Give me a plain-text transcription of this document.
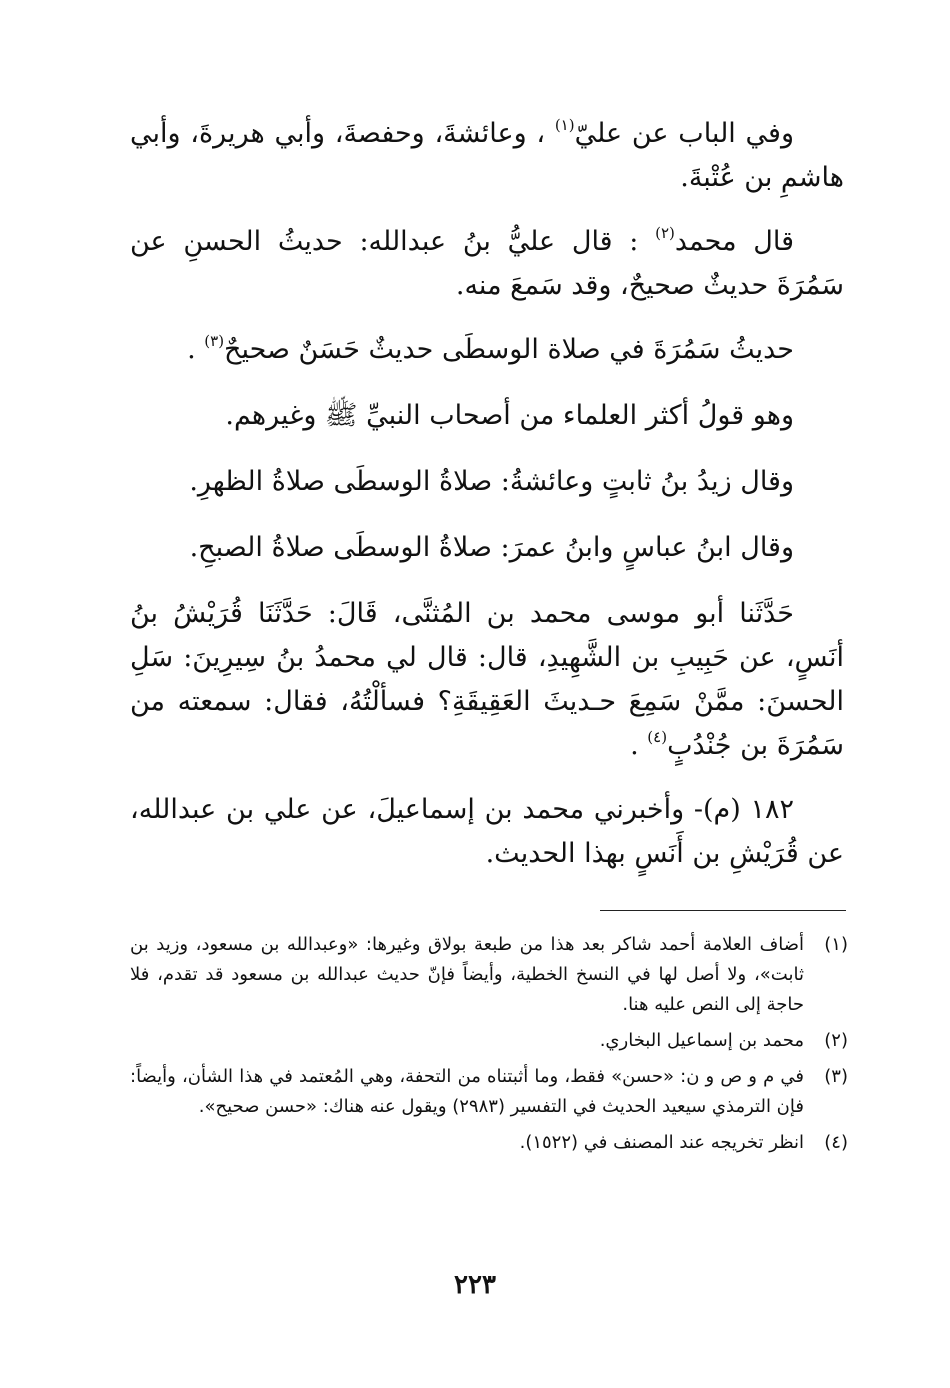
وفي الباب عن عليّ$^{(١)}$ ، وعائشةَ، وحفصةَ، وأبي هريرةَ، وأبي هاشمِ بن عُتْبةَ.

قال محمد$^{(٢)}$ : قال عليُّ بنُ عبدالله: حديثُ الحسنِ عن سَمُرَةَ حديثٌ صحيحٌ، وقد سَمعَ منه.

حديثُ سَمُرَةَ في صلاة الوسطَى حديثٌ حَسَنٌ صحيحٌ$^{(٣)}$ .

وهو قولُ أكثر العلماء من أصحاب النبيِّ ﷺ وغيرهم.

وقال زيدُ بنُ ثابتٍ وعائشةُ: صلاةُ الوسطَى صلاةُ الظهرِ.

وقال ابنُ عباسٍ وابنُ عمرَ: صلاةُ الوسطَى صلاةُ الصبحِ.

حَدَّثَنا أبو موسى محمد بن المُثنَّى، قَالَ: حَدَّثَنَا قُرَيْشُ بنُ أنَسٍ، عن حَبِيبِ بن الشَّهِيدِ، قال: قال لي محمدُ بنُ سِيرِينَ: سَلِ الحسنَ: ممَّنْ سَمِعَ حـديثَ العَقِيقَةِ؟ فسألْتُهُ، فقال: سمعته من سَمُرَةَ بن جُنْدُبٍ$^{(٤)}$ .

١٨٢ (م)- وأخبرني محمد بن إسماعيلَ، عن علي بن عبدالله، عن قُرَيْشِ بن أَنَسٍ بهذا الحديث.

(١)
أضاف العلامة أحمد شاكر بعد هذا من طبعة بولاق وغيرها: «وعبدالله بن مسعود، وزيد بن ثابت»، ولا أصل لها في النسخ الخطية، وأيضاً فإنّ حديث عبدالله بن مسعود قد تقدم، فلا حاجة إلى النص عليه هنا.
(٢)
محمد بن إسماعيل البخاري.
(٣)
في م و ص و ن: «حسن» فقط، وما أثبتناه من التحفة، وهي المُعتمد في هذا الشأن، وأيضاً: فإن الترمذي سيعيد الحديث في التفسير (٢٩٨٣) ويقول عنه هناك: «حسن صحيح».
(٤)
انظر تخريجه عند المصنف في (١٥٢٢).
٢٢٣
